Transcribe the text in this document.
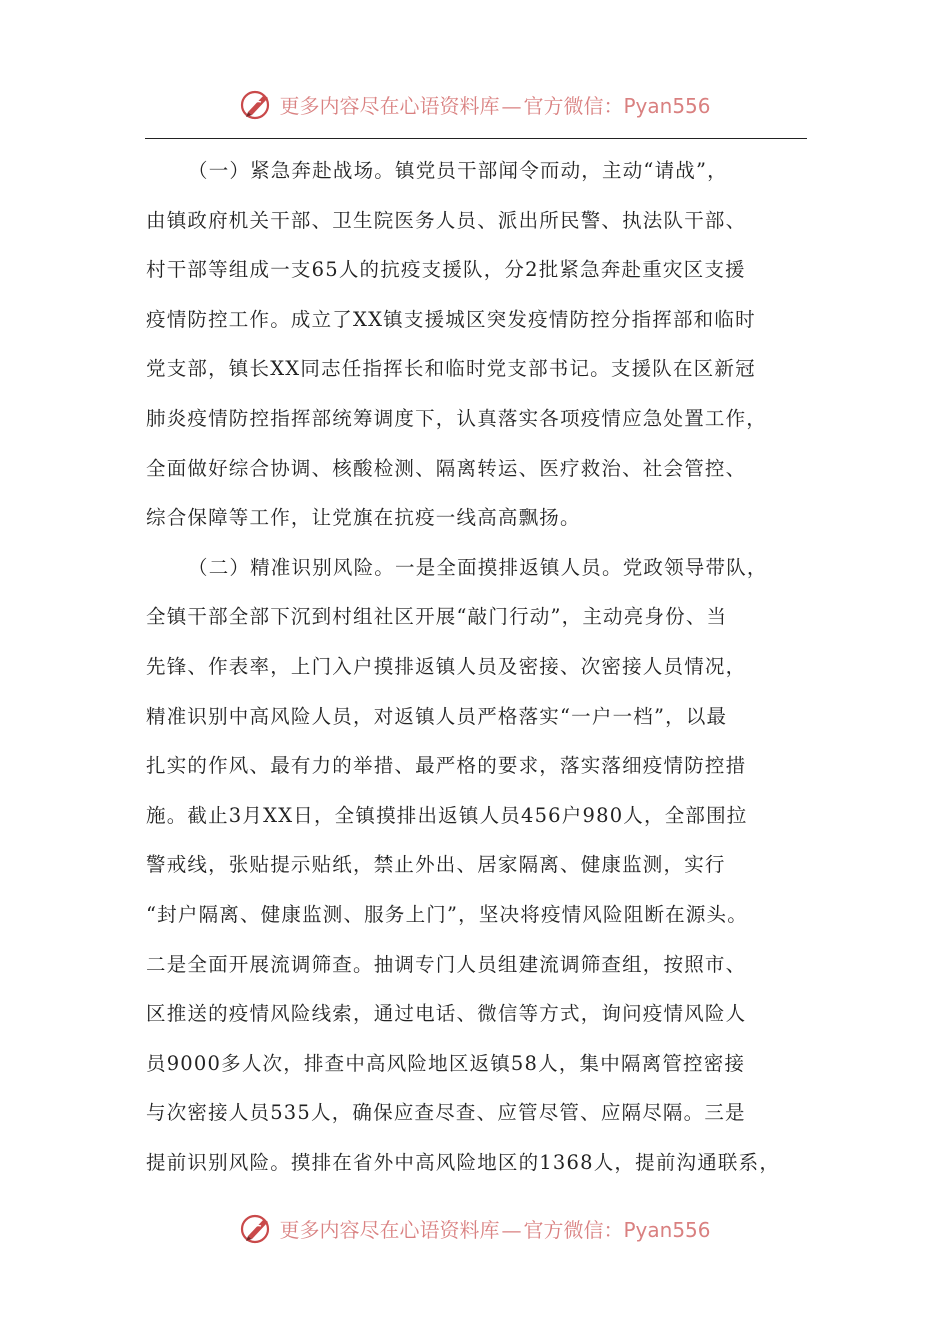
更多内容尽在心语资料库 — 官方微信：Pyan556
（一）紧急奔赴战场。镇党员干部闻令而动，主动“请战”，
由镇政府机关干部、卫生院医务人员、派出所民警、执法队干部、
村干部等组成一支65人的抗疫支援队，分2批紧急奔赴重灾区支援
疫情防控工作。成立了XX镇支援城区突发疫情防控分指挥部和临时
党支部，镇长XX同志任指挥长和临时党支部书记。支援队在区新冠
肺炎疫情防控指挥部统筹调度下，认真落实各项疫情应急处置工作，
全面做好综合协调、核酸检测、隔离转运、医疗救治、社会管控、
综合保障等工作，让党旗在抗疫一线高高飘扬。
（二）精准识别风险。一是全面摸排返镇人员。党政领导带队，
全镇干部全部下沉到村组社区开展“敲门行动”，主动亮身份、当
先锋、作表率，上门入户摸排返镇人员及密接、次密接人员情况，
精准识别中高风险人员，对返镇人员严格落实“一户一档”，以最
扎实的作风、最有力的举措、最严格的要求，落实落细疫情防控措
施。截止3月XX日，全镇摸排出返镇人员456户980人，全部围拉
警戒线，张贴提示贴纸，禁止外出、居家隔离、健康监测，实行
“封户隔离、健康监测、服务上门”，坚决将疫情风险阻断在源头。
二是全面开展流调筛查。抽调专门人员组建流调筛查组，按照市、
区推送的疫情风险线索，通过电话、微信等方式，询问疫情风险人
员9000多人次，排查中高风险地区返镇58人，集中隔离管控密接
与次密接人员535人，确保应查尽查、应管尽管、应隔尽隔。三是
提前识别风险。摸排在省外中高风险地区的1368人，提前沟通联系，
更多内容尽在心语资料库 — 官方微信：Pyan556
